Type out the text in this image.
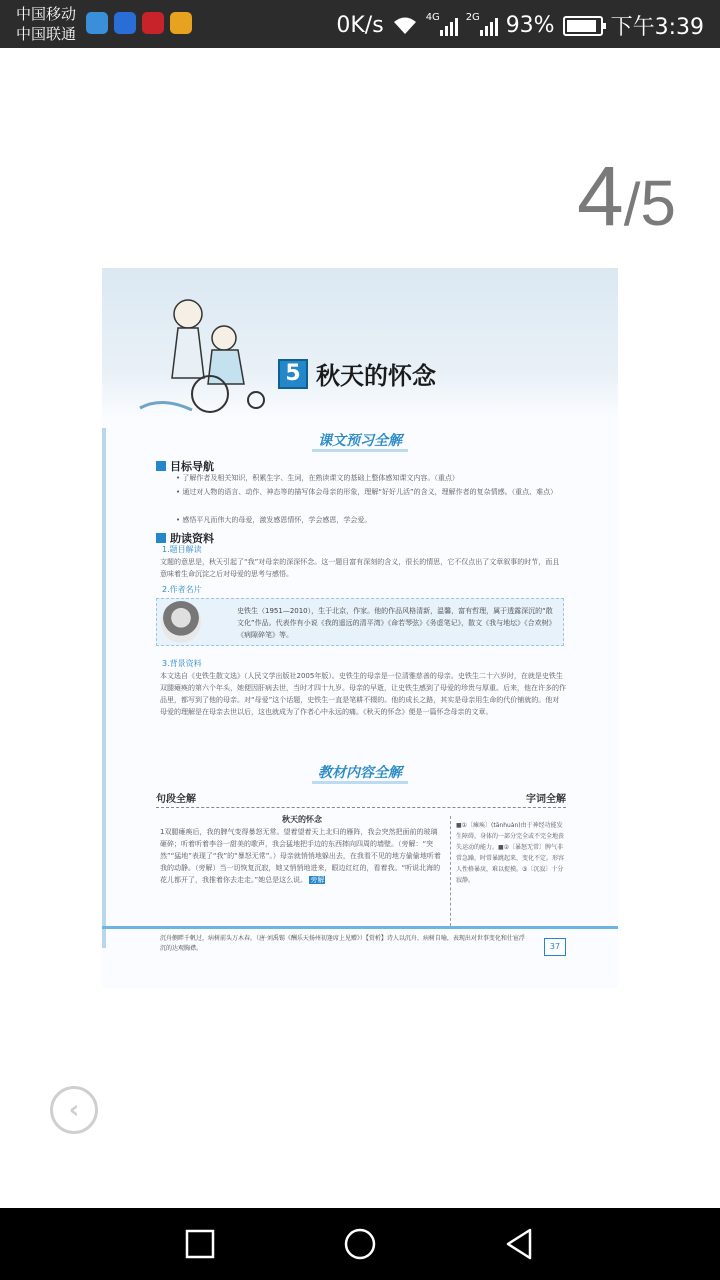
中国移动
中国联通	0K/s	4G	2G 93%	下午3:39
4/5
5 秋天的怀念
课文预习全解
目标导航
• 了解作者及相关知识，积累生字、生词，在熟读课文的基础上整体感知课文内容。（重点）
• 通过对人物的语言、动作、神态等的描写体会母亲的形象，理解“好好儿活”的含义，理解作者的复杂情感。（重点、难点）
• 感悟平凡而伟大的母爱，激发感恩情怀，学会感恩，学会爱。
助读资料
1.题目解读
文题的意思是，秋天引起了“我”对母亲的深深怀念。这一题目富有深刻的含义，很长的情思，它不仅点出了文章叙事的时节，而且意味着生命沉淀之后对母爱的思考与感悟。
2.作者名片
史铁生（1951—2010），生于北京，作家。他的作品风格清新，温馨，富有哲理，属于透露深沉的“散文化”作品。代表作有小说《我的遥远的清平湾》《命若琴弦》《务虚笔记》，散文《我与地坛》《合欢树》《病隙碎笔》等。
3.背景资料
本文选自《史铁生散文选》（人民文学出版社2005年版）。史铁生的母亲是一位清雅慈善的母亲。史铁生二十六岁时，在就是史铁生双腿瘫痪的第六个年头，她便因肝病去世，当时才四十九岁。母亲的早逝，让史铁生感到了母爱的珍贵与厚重。后来，他在许多的作品里，都写到了他的母亲。对“母爱”这个话题，史铁生一直是笔耕不辍的。他的成长之路，其实是母亲用生命的代价铺就的。他对母爱的理解是在母亲去世以后，这也就成为了作者心中永远的痛。《秋天的怀念》便是一篇怀念母亲的文章。
教材内容全解
句段全解	字词全解
秋天的怀念
1双腿瘫痪后，我的脾气变得暴怒无常。望着望着天上北归的雁阵，我会突然把面前的玻璃砸碎；听着听着李谷一甜美的歌声，我会猛地把手边的东西摔向四周的墙壁。（旁解：“突然”“猛地”表现了“我”的“暴怒无常”。）母亲就悄悄地躲出去，在我看不见的地方偷偷地听着我的动静。（旁解）当一切恢复沉寂，她又悄悄地进来，眼边红红的，看着我。“听说北海的花儿都开了，我推着你去走走。”她总是这么说。 旁解
■①〔瘫痪〕(tānhuàn)由于神经功能发生障碍，身体的一部分完全或不完全地丧失运动的能力。■②〔暴怒无常〕脾气非常急躁，时常暴跳起来，变化不定。形容人性格暴戾，难以捉摸。③〔沉寂〕十分寂静。
沉舟侧畔千帆过，病树前头万木春。（唐·刘禹锡《酬乐天扬州初逢席上见赠》）【赏析】诗人以沉舟、病树自喻，表现出对世事变化和仕宦浮沉的达观胸襟。	37
‹
